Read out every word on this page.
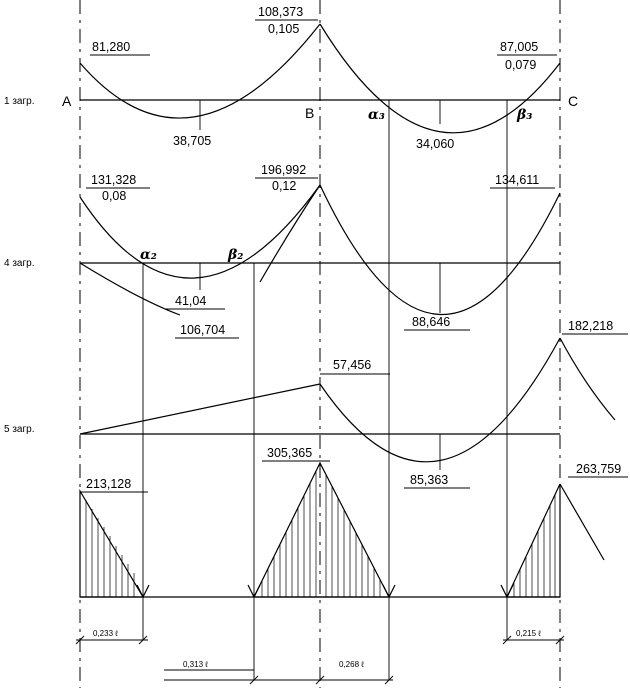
1 загр. A
B
C
81,280
38,705
108,373
0,105
α₃
34,060
β₃
87,005
0,079
4 загр.
131,328
0,08
α₂	β₂
41,04
106,704
196,992
0,12	134,611
88,646
5 загр.
57,456
85,363
182,218
213,128
305,365
263,759
0,233 ℓ
0,313 ℓ	0,268 ℓ
0,215 ℓ
